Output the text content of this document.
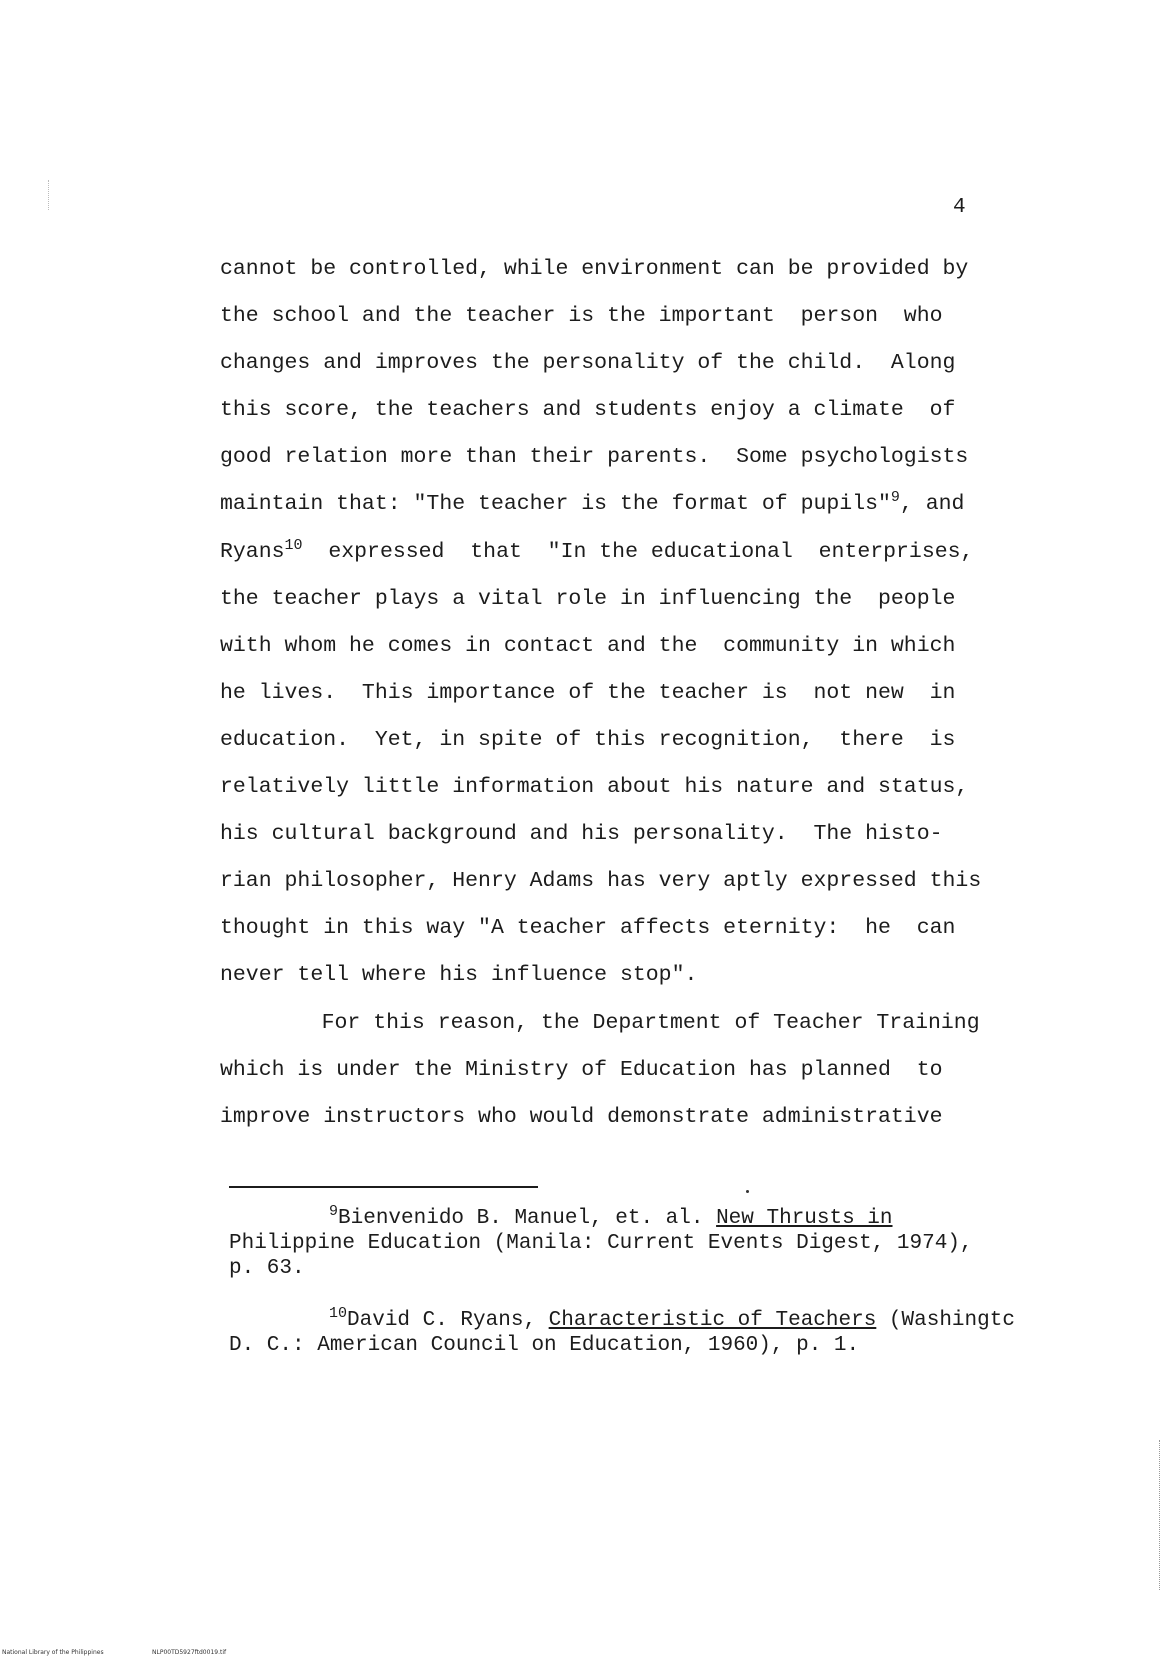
4
cannot be controlled, while environment can be provided by
the school and the teacher is the important  person  who
changes and improves the personality of the child.  Along
this score, the teachers and students enjoy a climate  of
good relation more than their parents.  Some psychologists
maintain that: "The teacher is the format of pupils"$^9$, and
Ryans$^{10}$  expressed  that  "In the educational  enterprises,
the teacher plays a vital role in influencing the  people
with whom he comes in contact and the  community in which
he lives.  This importance of the teacher is  not new  in
education.  Yet, in spite of this recognition,  there  is
relatively little information about his nature and status,
his cultural background and his personality.  The histo-
rian philosopher, Henry Adams has very aptly expressed this
thought in this way "A teacher affects eternity:  he  can
never tell where his influence stop".
For this reason, the Department of Teacher Training
which is under the Ministry of Education has planned  to
improve instructors who would demonstrate administrative

$^9$Bienvenido B. Manuel, et. al. New Thrusts in
Philippine Education (Manila: Current Events Digest, 1974),
p. 63.

$^{10}$David C. Ryans, Characteristic of Teachers (Washingtc
D. C.: American Council on Education, 1960), p. 1.

National Library of the Philippines	NLP00TD5927ftd0019.tif
